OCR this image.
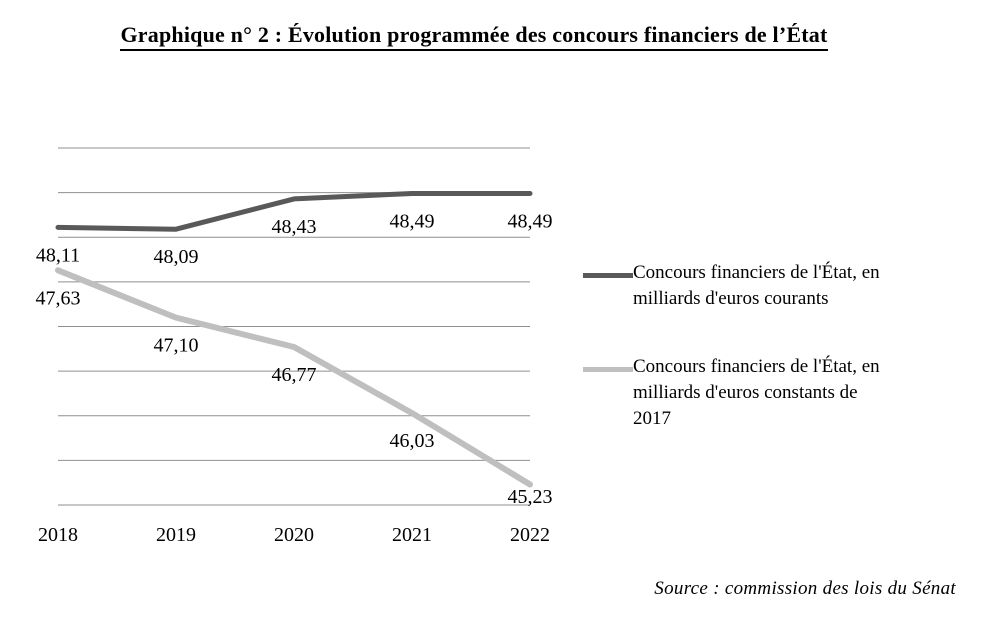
Graphique n° 2 : Évolution programmée des concours financiers de l’État
48,11	48,09
48,43	48,49	48,49
47,63
47,10
46,77
46,03
45,23
2018	2019	2020	2021	2022
Concours financiers de l'État, en milliards d'euros courants
Concours financiers de l'État, en milliards d'euros constants de 2017
Source : commission des lois du Sénat
